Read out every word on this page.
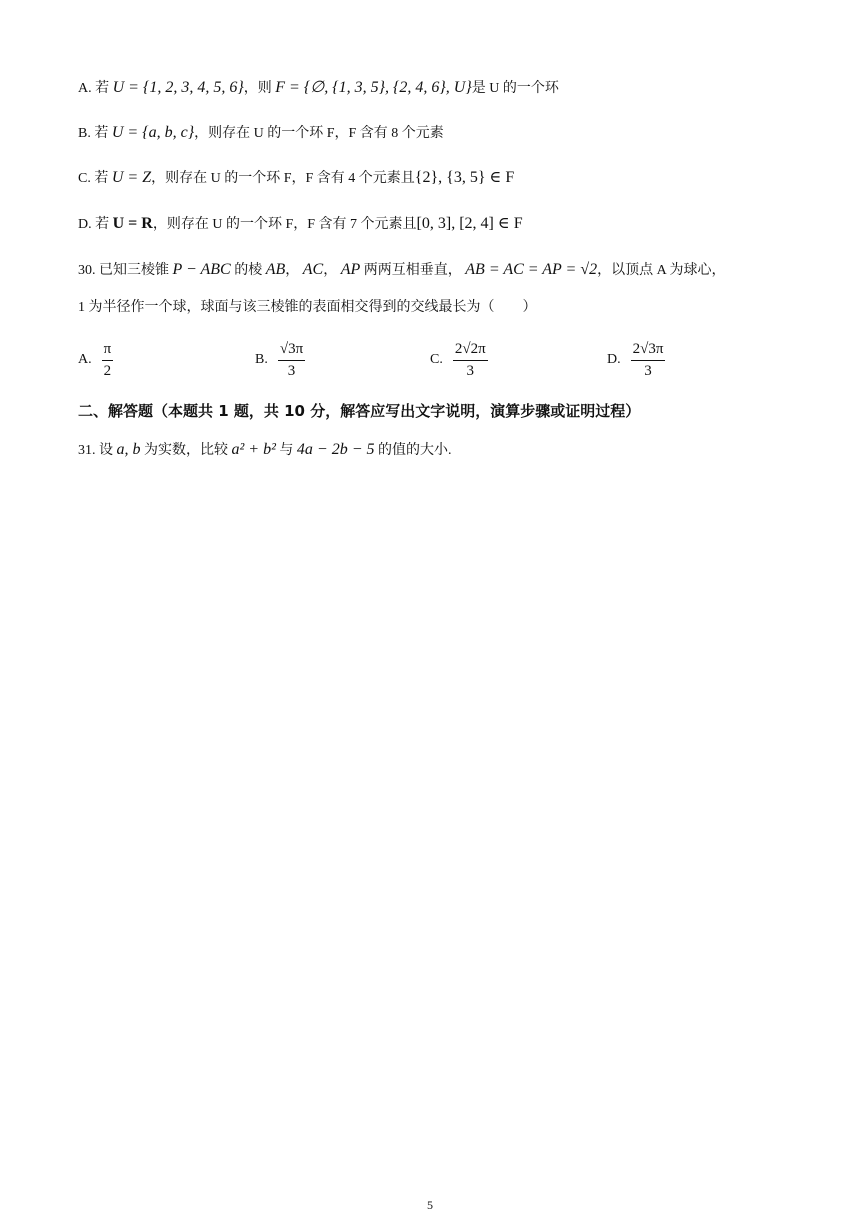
A. 若 U = {1, 2, 3, 4, 5, 6}，则 F = {∅, {1, 3, 5}, {2, 4, 6}, U}是 U 的一个环
B. 若 U = {a, b, c}，则存在 U 的一个环 F，F 含有 8 个元素
C. 若 U = Z，则存在 U 的一个环 F，F 含有 4 个元素且{2}, {3, 5} ∈ F
D. 若 U = R，则存在 U 的一个环 F，F 含有 7 个元素且[0, 3], [2, 4] ∈ F
30. 已知三棱锥 P − ABC 的棱 AB， AC， AP 两两互相垂直， AB = AC = AP = √2，以顶点 A 为球心，
1 为半径作一个球，球面与该三棱锥的表面相交得到的交线最长为（　　）
A. $\frac{\pi}{2}$	B. $\frac{√3\pi}{3}$	C. $\frac{2√2\pi}{3}$	D. $\frac{2√3\pi}{3}$
二、解答题（本题共 1 题，共 10 分，解答应写出文字说明，演算步骤或证明过程）
31. 设 a, b 为实数，比较 a² + b² 与 4a − 2b − 5 的值的大小.
5
